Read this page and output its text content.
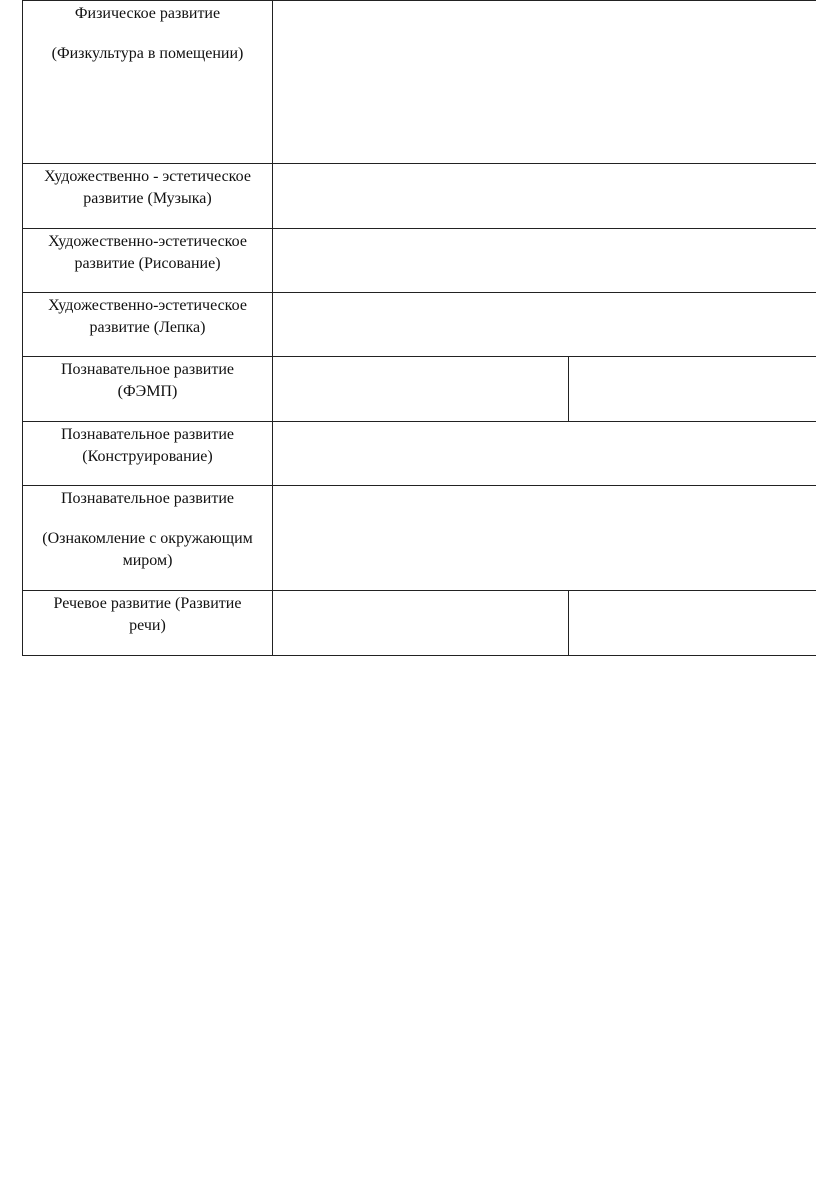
Физическое развитие
(Физкультура в помещении)
Художественно - эстетическое
развитие (Музыка)
Художественно-эстетическое
развитие (Рисование)
Художественно-эстетическое
развитие (Лепка)
Познавательное развитие
(ФЭМП)
Познавательное развитие
(Конструирование)
Познавательное развитие
(Ознакомление с окружающим
миром)
Речевое развитие (Развитие
речи)
